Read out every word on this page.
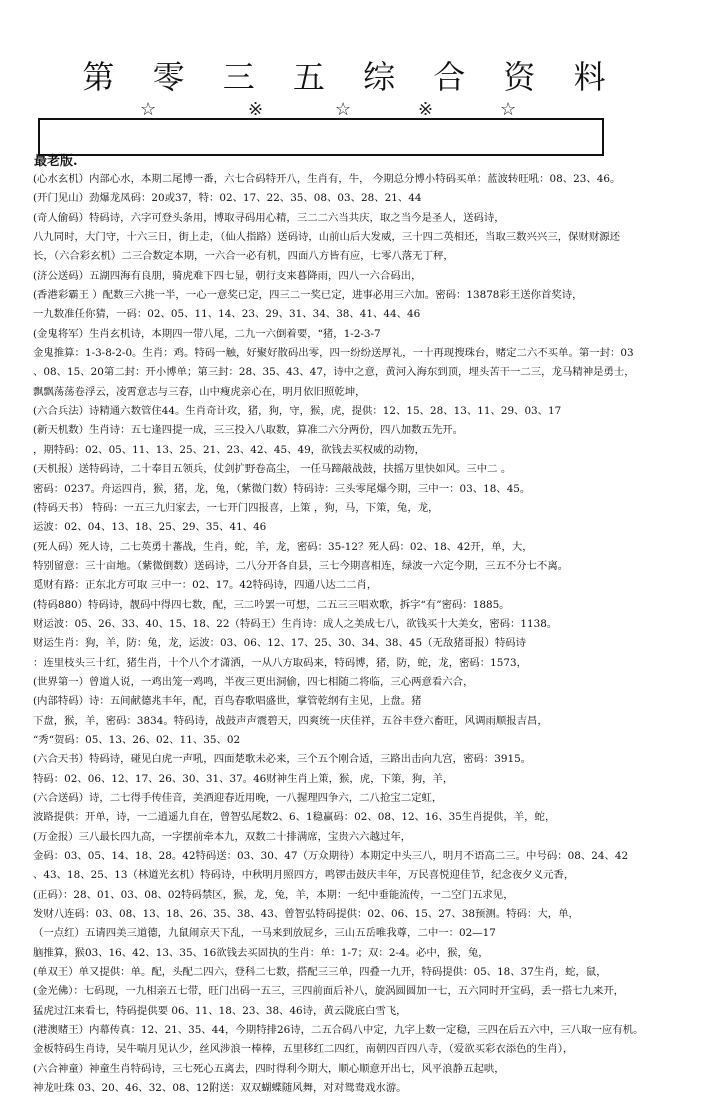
第 零 三 五 综 合 资 料
☆	※	☆	※	☆
最老版.
(心水玄机）内部心水，本期二尾博一番，六七合码特开八，生肖有，牛， 今期总分博小特码买单：蓝波转旺吼：08、23、46。
(开门见山）劲爆龙凤码：20或37，特：02、17、22、35、08、03、28、21、44
(奇人偷码）特码诗，六字可登头条用，博取寻码用心精，三二二六当共庆，取之当今是圣人，送码诗，
八九同时，大门守，十六三日，街上走，（仙人指路）送码诗，山前山后大发威，三十四二英相还，当取三数兴兴三，保财财源还
长，（六合彩玄机）二三合数定本期，一六合一必有机，四面八方皆有应，七零八落无丁秤，
(济公送码）五湖四海有良朋，骑虎难下四七显，朝行支来暮降雨，四八一六合码出，
(香港彩霸王 ）配数三六挑一半，一心一意奖已定，四三二一奖已定，进事必用三六加。密码：13878彩王送你首奖诗，
一九数准任你猜，一码：02、05、11、14、23、29、31、34、38、41、44、46
(金鬼将军）生肖玄机诗，本期四一带八尾，二九一六倒着要，“猪，1-2-3-7
金鬼推算：1-3-8-2-0。生肖：鸡。特码一触，好聚好散码出零，四一纷纷送厚礼，一十再现搜珠台，赌定二六不买单。第一封：03
、08、15、20第二封：开小博单；第三封：28、35、43、47，诗中之意，黄河入海东到顶，埋头苦干一二三，龙马精神是勇士，
飘飘荡荡卷浮云，凌霄意志与三春，山中瘦虎亲心在，明月依旧照乾坤，
(六合兵法）诗精通六数管住44。生肖奇计攻，猪，狗，守，猴，虎，提供：12、15、28、13、11、29、03、17
(新天机数）生肖诗：五七逢四提一成，三三投入八取数，算准二六分两份，四八加数五先开。
，期特码：02、05、11、13、25、21、23、42、45、49，欲钱去买权威的动物，
(天机报）送特码诗，二十奉目五领兵，仗剑扩野卷高尘， 一任马蹄敲战鼓，扶摇万里快如风。三中二 。
密码：0237。舟运四肖，猴，猪，龙，兔，（紫微门数）特码诗：三头零尾爆今期，三中一：03、18、45。
(特码天书） 特码：一五三九归家去，一七开门四报喜，上策 ，狗，马，下策，兔，龙，
运波：02、04、13、18、25、29、35、41、46
(死人码）死人诗，二七英勇十蕃战，生肖，蛇，羊，龙，密码：35-12？死人码：02、18、42开，单，大，
特别留意：三十亩地。（紫微倒数）送码诗，二八分开各自县，三七今期喜相连，绿波一六定今期，三五不分七不离。
觅财有路：正东北方可取 三中一：02、17。42特码诗，四通八达二二肖，
(特码880）特码诗，靓码中得四七数，配，三二吟罢一可想，二五三三唱欢歌，拆字“有”密码：1885。
财运波：05、26、33、40、15、18、22（特码王）生肖诗：成人之美成七八，欲钱买十大美女，密码：1138。
财运生肖：狗，羊，防：兔，龙，运波：03、06、12、17、25、30、34、38、45（无敌猪哥报）特码诗
：连里枝头三十红，猪生肖，十个八个才潇洒，一从八方取码来，特码博，猪，防，蛇，龙，密码：1573，
(世界第一）曾道人说，一鸡出笼一鸡鸣，半夜三更出洞偷，四七相随二将临，三心两意看六合，
(内部特码）诗：五间献德兆丰年，配，百鸟春歌唱盛世，掌管乾纲有主见，上盘。猪
下盘，猴，羊，密码：3834。特码诗，战鼓声声震碧天，四爽统一庆佳祥，五谷丰登六畜旺，风调雨顺报吉昌，
“秀“贺码：05、13、26、02、11、35、02
(六合天书）特码诗，碰见白虎一声吼，四面楚歌未必来，三个五个刚合适，三路出击向九宫，密码：3915。
特码：02、06、12、17、26、30、31、37。46财神生肖上策，猴，虎，下策，狗，羊，
(六合送码）诗，二七得手传佳音，美酒迎春近用晚，一八握理四争六，二八抢宝二定虹，
波路提供：开单，诗，一二逍遥九自在，曾智弘尾数2、6、1稳赢码：02、08、12、16、35生肖提供，羊，蛇，
(万金报）三八最长四九高，一字摆前牵本九，双数二十排满席，宝贵六六越过年，
金码：03、05、14、18、28。42特码送：03、30、47（万众期待）本期定中头三八，明月不语高二三。中号码：08、24、42
、43、18、25、13（林道光玄机）特码诗，中秋明月照四方，鸣锣击鼓庆丰年，万民喜悦迎佳节，纪念夜夕义元香，
(正码）：28、01、03、08、02特码禁区，猴，龙，兔，羊，本期：一纪中垂能流传，一二空门五求见，
发财八连码：03、08、13、18、26、35、38、43、曾智弘特码提供：02、06、15、27、38预测。特码：大，单，
（一点红）五请四美三道德，九鼠闹京天下乱，一马来到放屁乡，三山五岳唯我尊，二中一：02—17
脑推算，猴03、16、42、13、35、16欲钱去买固执的生肖：单：1-7；双：2-4。必中，猴，兔，
(单双王）单又提供：单。配，头配二四六，登科二七数，搭配三三单，四叠一九开，特码提供：05、18、37生肖，蛇，鼠，
(金光佛）：七码现，一九相亲五七带，旺门出码一五三，三四前面后补八，旋涡圆圆加一七，五六同时开宝码，丢一搭七九来开，
猛虎过江来看七，特码提供要 06、11、18、23、38、46诗，黄云陇底白雪飞，
(港澳赌王）内幕传真：12、21、35、44，今期特排26诗，二五合码八中定，九字上数一定稳，三四在后五六中，三八取一应有机。
金板特码生肖诗，吴牛喘月见认少，丝风涉浪一棒棒，五里移红二四红，南朝四百四八寺，（爱欲买彩衣添色的生肖），
(六合神童）神童生肖特码诗，三七死心五离去，四时得利今期大，顺心顺意开出七，风平浪静五起哄，
神龙吐珠 03、20、46、32、08、12附送：双双蝴蝶随风舞，对对鸳鸯戏水游。
